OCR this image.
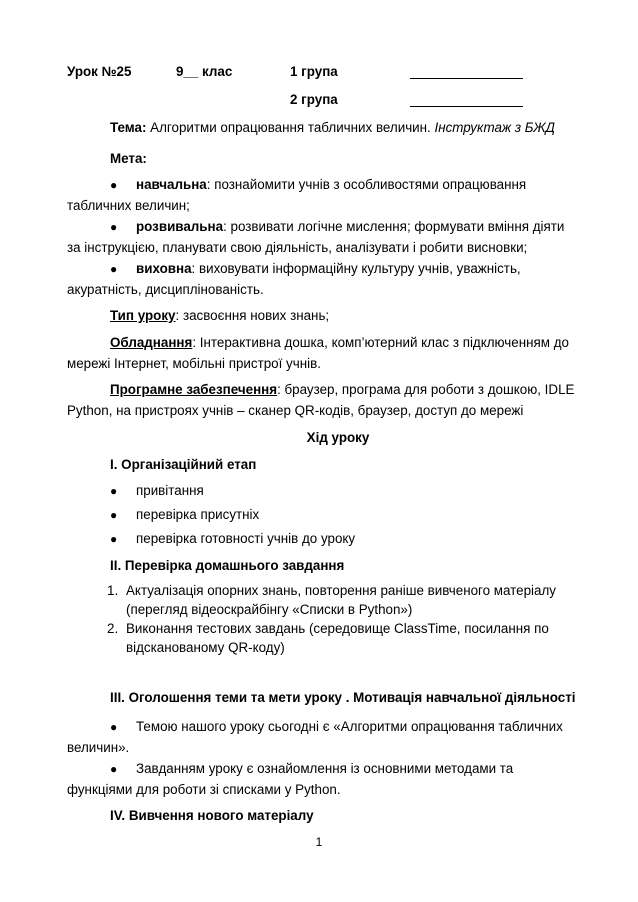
Урок №25	9__ клас	1 група
2 група
Тема: Алгоритми опрацювання табличних величин. Інструктаж з БЖД
Мета:
● навчальна: познайомити учнів з особливостями опрацювання
табличних величин;
● розвивальна: розвивати логічне мислення; формувати вміння діяти
за інструкцією, планувати свою діяльність, аналізувати і робити висновки;
● виховна: виховувати інформаційну культуру учнів, уважність,
акуратність, дисциплінованість.
Тип уроку: засвоєння нових знань;
Обладнання: Інтерактивна дошка, комп’ютерний клас з підключенням до
мережі Інтернет, мобільні пристрої учнів.
Програмне забезпечення: браузер, програма для роботи з дошкою, IDLE
Python, на пристроях учнів – сканер QR-кодів, браузер, доступ до мережі
Хід уроку
І. Організаційний етап
● привітання
● перевірка присутніх
● перевірка готовності учнів до уроку
ІІ. Перевірка домашнього завдання
1. Актуалізація опорних знань, повторення раніше вивченого матеріалу
(перегляд відеоскрайбінгу «Списки в Python»)
2. Виконання тестових завдань (середовище ClassTime, посилання по
відсканованому QR-коду)
ІІІ. Оголошення теми та мети уроку . Мотивація навчальної діяльності
● Темою нашого уроку сьогодні є «Алгоритми опрацювання табличних
величин».
● Завданням уроку є ознайомлення із основними методами та
функціями для роботи зі списками у Python.
IV. Вивчення нового матеріалу
1
